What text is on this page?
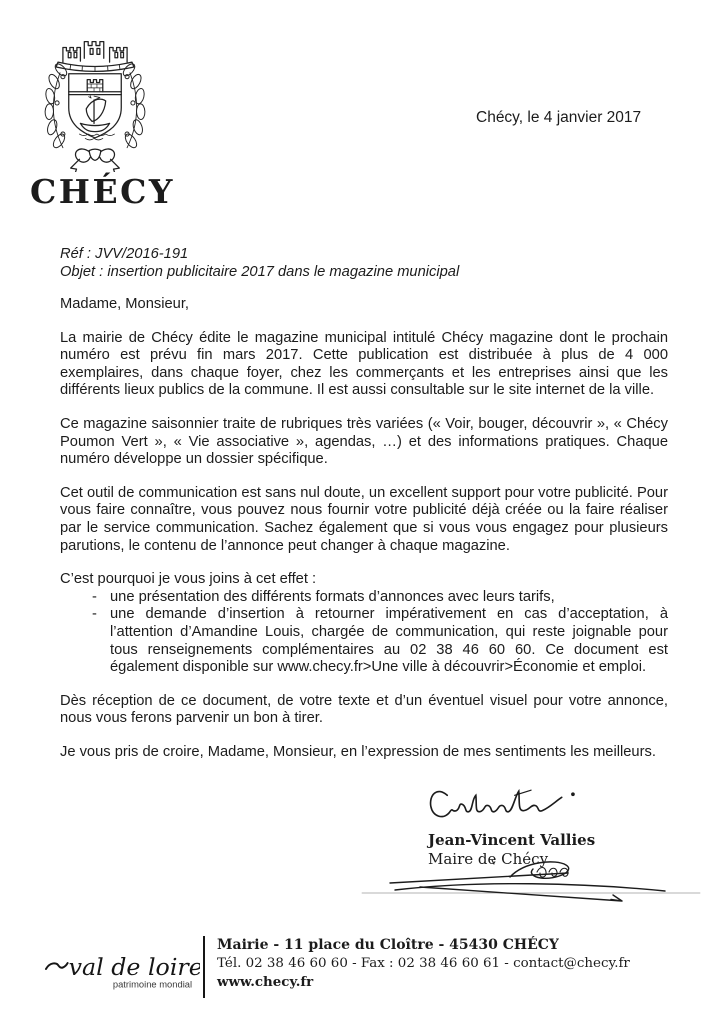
CHÉCY
Chécy, le 4 janvier 2017
Réf : JVV/2016-191
Objet : insertion publicitaire 2017 dans le magazine municipal

Madame, Monsieur,

La mairie de Chécy édite le magazine municipal intitulé Chécy magazine dont le prochain numéro est prévu fin mars 2017. Cette publication est distribuée à plus de 4 000 exemplaires, dans chaque foyer, chez les commerçants et les entreprises ainsi que les différents lieux publics de la commune. Il est aussi consultable sur le site internet de la ville.

Ce magazine saisonnier traite de rubriques très variées (« Voir, bouger, découvrir », « Chécy Poumon Vert », « Vie associative », agendas, …) et des informations pratiques. Chaque numéro développe un dossier spécifique.

Cet outil de communication est sans nul doute, un excellent support pour votre publicité. Pour vous faire connaître, vous pouvez nous fournir votre publicité déjà créée ou la faire réaliser par le service communication. Sachez également que si vous vous engagez pour plusieurs parutions, le contenu de l’annonce peut changer à chaque magazine.

C’est pourquoi je vous joins à cet effet :

- une présentation des différents formats d’annonces avec leurs tarifs,
- une demande d’insertion à retourner impérativement en cas d’acceptation, à l’attention d’Amandine Louis, chargée de communication, qui reste joignable pour tous renseignements complémentaires au 02 38 46 60 60. Ce document est également disponible sur www.checy.fr>Une ville à découvrir>Économie et emploi.

Dès réception de ce document, de votre texte et d’un éventuel visuel pour votre annonce, nous vous ferons parvenir un bon à tirer.

Je vous pris de croire, Madame, Monsieur, en l’expression de mes sentiments les meilleurs.

Jean-Vincent Vallies
Maire de Chécy
val de loire
patrimoine mondial
Mairie - 11 place du Cloître - 45430 CHÉCY
Tél. 02 38 46 60 60 - Fax : 02 38 46 60 61 - contact@checy.fr
www.checy.fr
